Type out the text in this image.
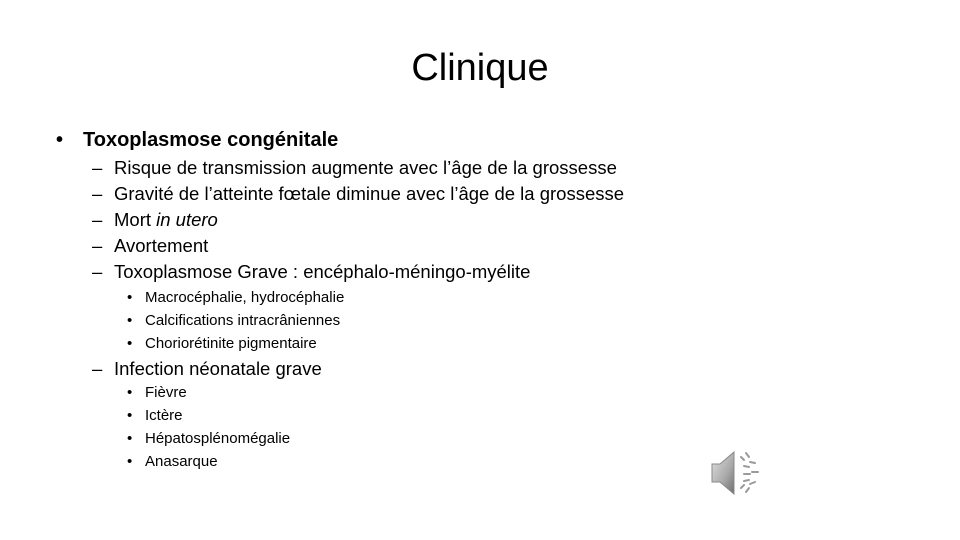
Clinique
• Toxoplasmose congénitale
– Risque de transmission augmente avec l’âge de la grossesse
– Gravité de l’atteinte fœtale diminue avec l’âge de la grossesse
– Mort in utero
– Avortement
– Toxoplasmose Grave : encéphalo-méningo-myélite
• Macrocéphalie, hydrocéphalie
• Calcifications intracrâniennes
• Choriorétinite pigmentaire
– Infection néonatale grave
• Fièvre
• Ictère
• Hépatosplénomégalie
• Anasarque
